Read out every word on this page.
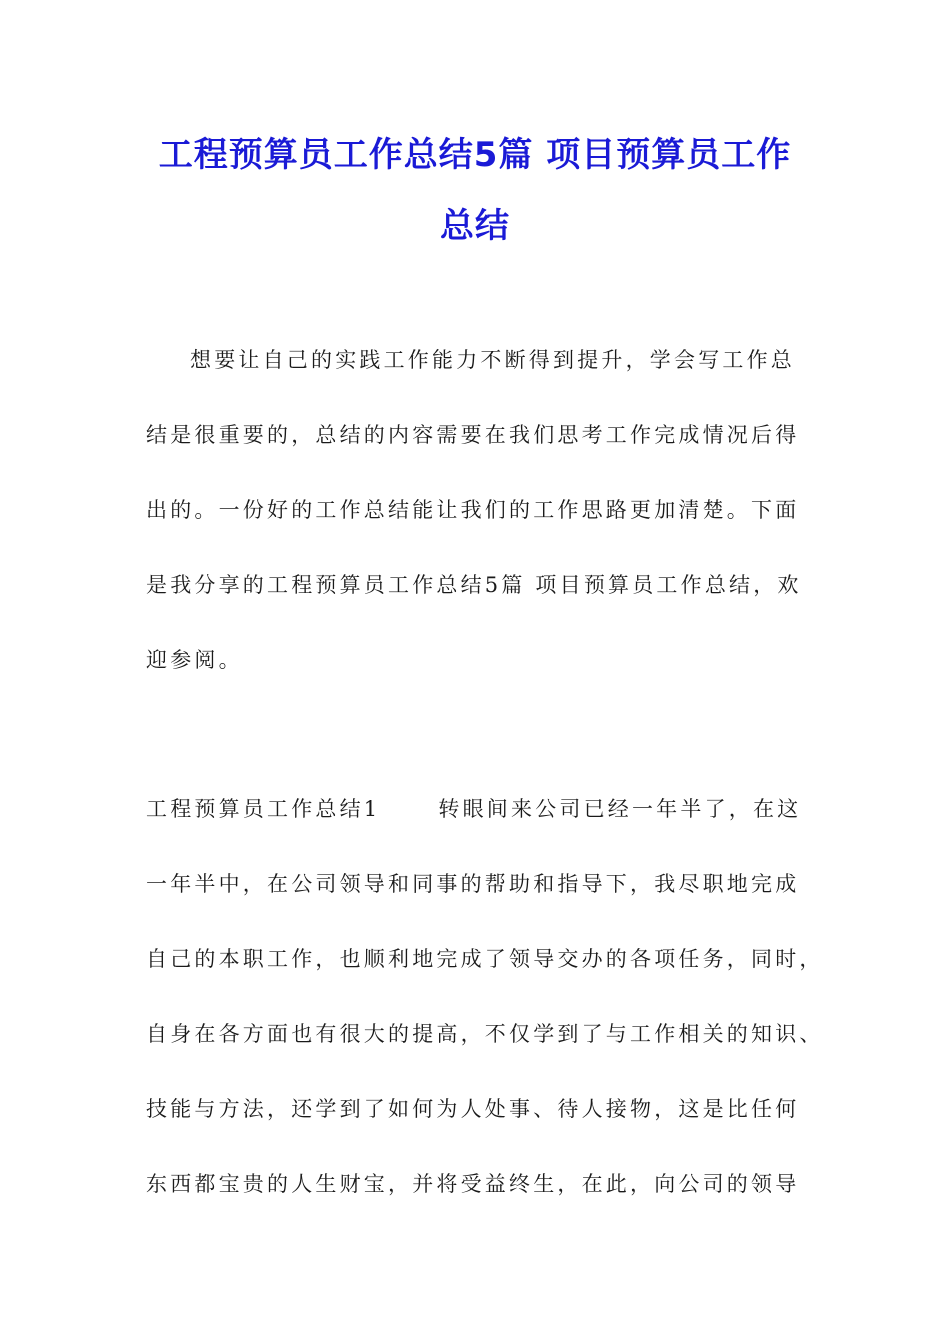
工程预算员工作总结5篇 项目预算员工作
总结

想要让自己的实践工作能力不断得到提升，学会写工作总

结是很重要的，总结的内容需要在我们思考工作完成情况后得

出的。一份好的工作总结能让我们的工作思路更加清楚。下面

是我分享的工程预算员工作总结5篇 项目预算员工作总结，欢

迎参阅。

工程预算员工作总结1	转眼间来公司已经一年半了，在这

一年半中，在公司领导和同事的帮助和指导下，我尽职地完成

自己的本职工作，也顺利地完成了领导交办的各项任务，同时，

自身在各方面也有很大的提高，不仅学到了与工作相关的知识、

技能与方法，还学到了如何为人处事、待人接物，这是比任何

东西都宝贵的人生财宝，并将受益终生，在此，向公司的领导
